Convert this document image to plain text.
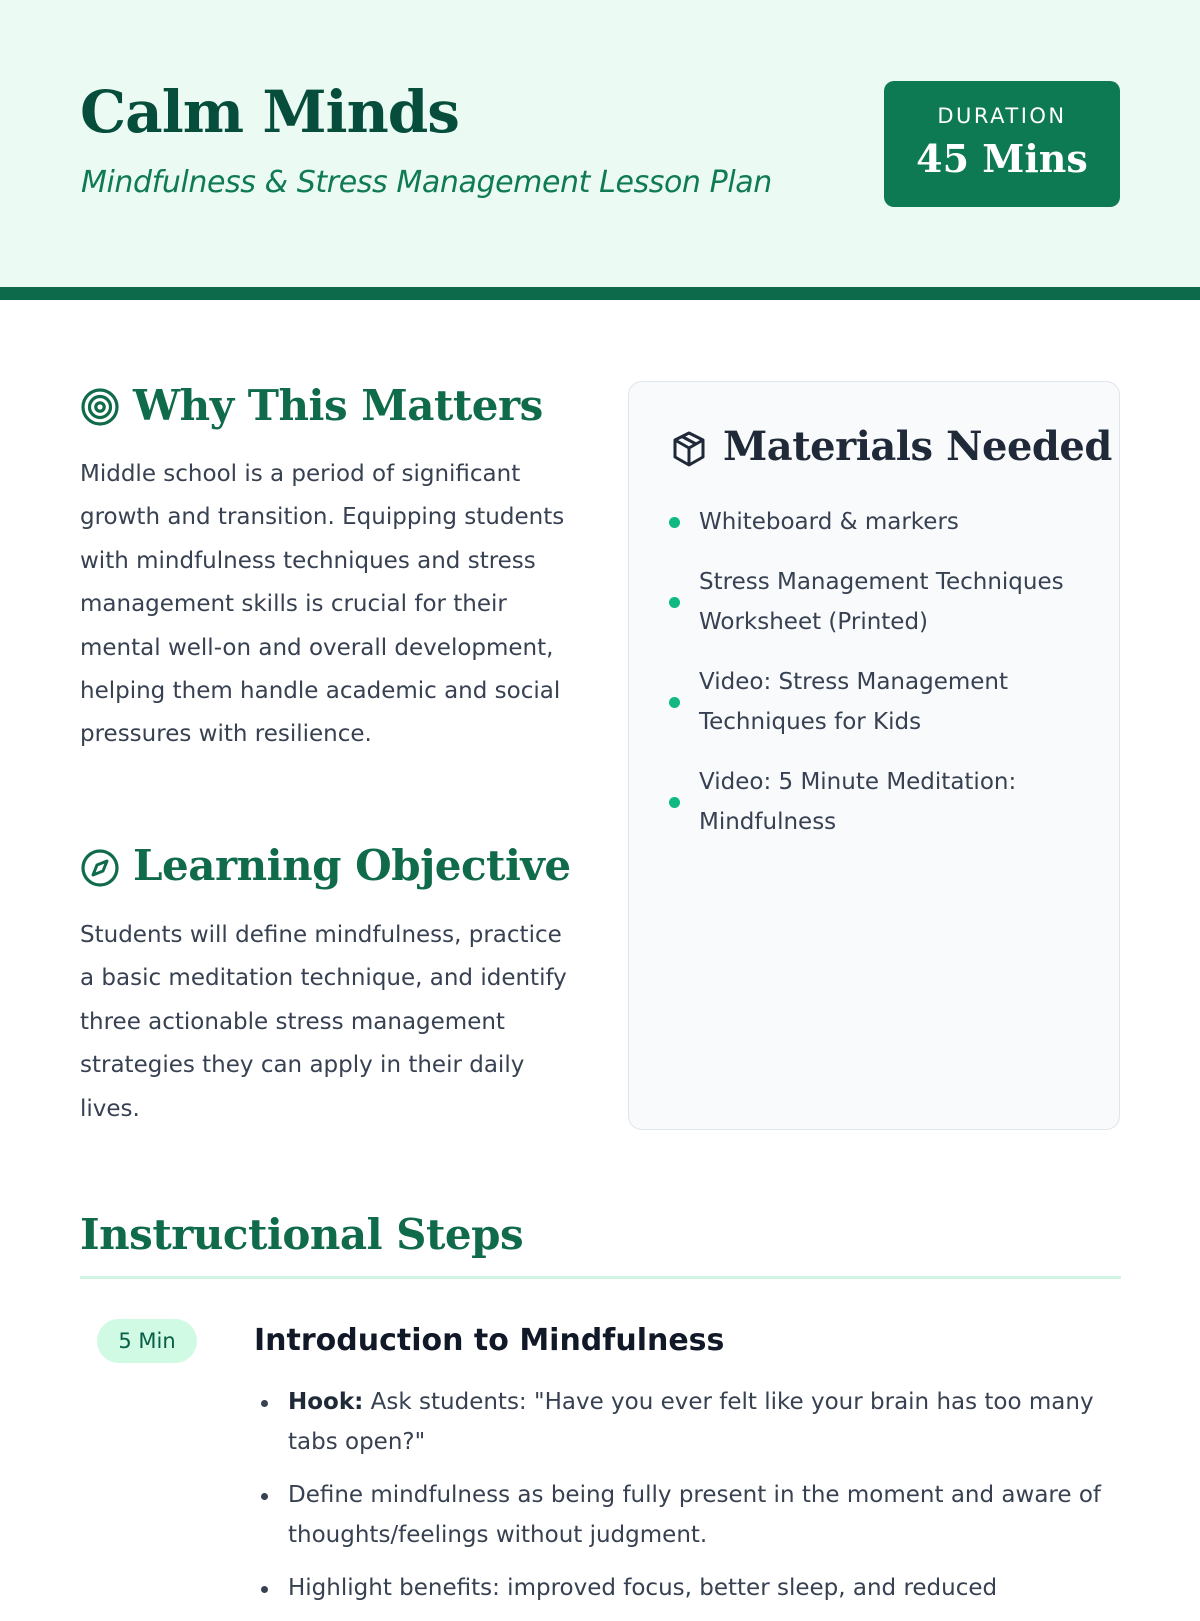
Calm Minds

Mindfulness & Stress Management Lesson Plan

DURATION
45 Mins
Why This Matters

Middle school is a period of significant growth and transition. Equipping students with mindfulness techniques and stress management skills is crucial for their mental well-on and overall development, helping them handle academic and social pressures with resilience.

Learning Objective

Students will define mindfulness, practice a basic meditation technique, and identify three actionable stress management strategies they can apply in their daily lives.

Materials Needed

Whiteboard & markers

Stress Management Techniques Worksheet (Printed)

Video: Stress Management Techniques for Kids

Video: 5 Minute Meditation: Mindfulness

Instructional Steps
5 Min	Introduction to Mindfulness
Hook: Ask students: "Have you ever felt like your brain has too many tabs open?"
Define mindfulness as being fully present in the moment and aware of thoughts/feelings without judgment.
Highlight benefits: improved focus, better sleep, and reduced
